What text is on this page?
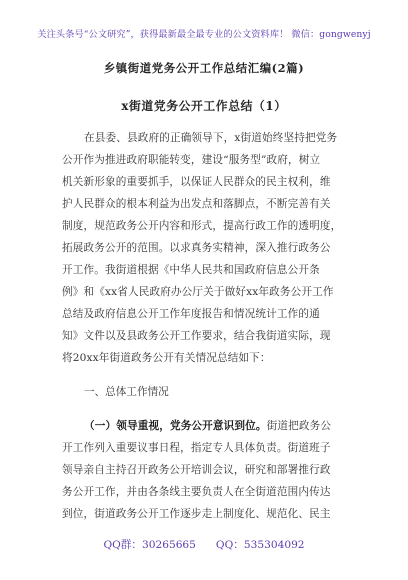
关注头条号“公文研究”，获得最新最全最专业的公文资料库！ 微信：gongwenyj
乡镇街道党务公开工作总结汇编(2篇)
x街道党务公开工作总结（1）
在县委、县政府的正确领导下，x街道始终坚持把党务
公开作为推进政府职能转变，建设“服务型”政府，树立
机关新形象的重要抓手，以保证人民群众的民主权利，维
护人民群众的根本利益为出发点和落脚点，不断完善有关
制度，规范政务公开内容和形式，提高行政工作的透明度，
拓展政务公开的范围。以求真务实精神，深入推行政务公
开工作。我街道根据《中华人民共和国政府信息公开条
例》和《xx省人民政府办公厅关于做好xx年政务公开工作
总结及政府信息公开工作年度报告和情况统计工作的通
知》文件以及县政务公开工作要求，结合我街道实际，现
将20xx年街道政务公开有关情况总结如下：
一、总体工作情况
（一）领导重视，党务公开意识到位。街道把政务公
开工作列入重要议事日程，指定专人具体负责。街道班子
领导亲自主持召开政务公开培训会议，研究和部署推行政
务公开工作，并由各条线主要负责人在全街道范围内传达
到位，街道政务公开工作逐步走上制度化、规范化、民主
QQ群：30265665 QQ：535304092
